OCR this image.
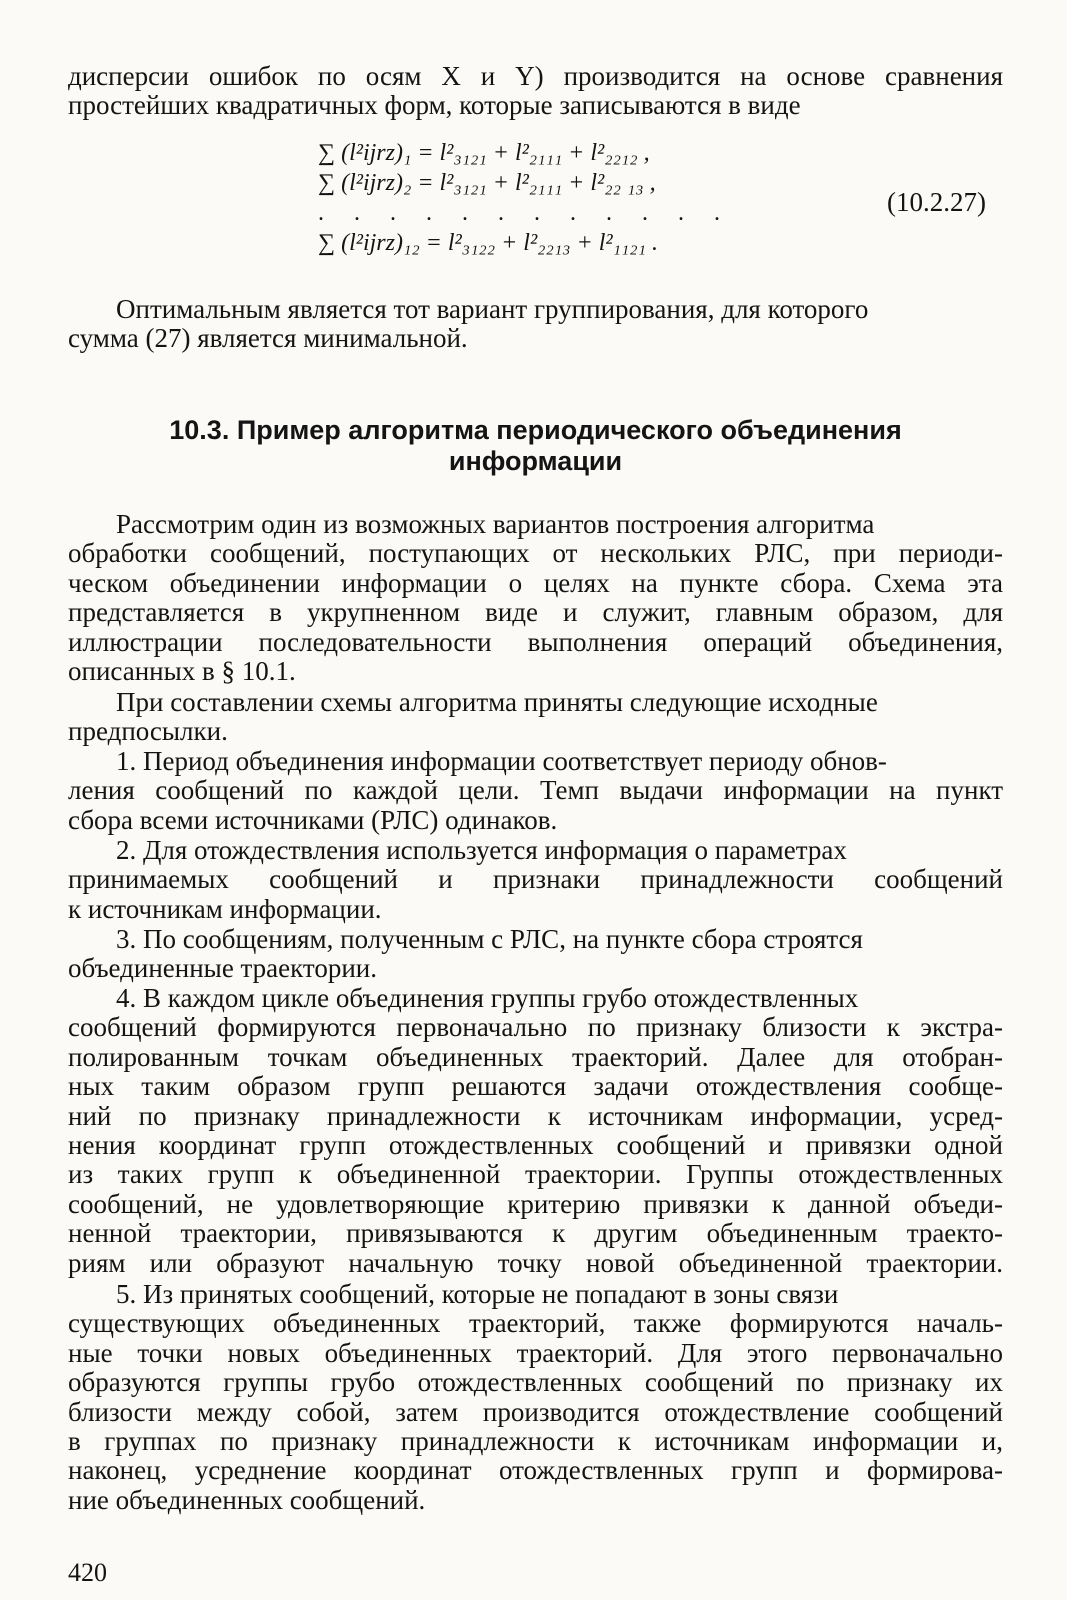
дисперсии ошибок по осям X и Y) производится на основе сравнения
простейших квадратичных форм, которые записываются в виде
∑ (l²ijrz)₁ = l²₃₁₂₁ + l²₂₁₁₁ + l²₂₂₁₂ ,
∑ (l²ijrz)₂ = l²₃₁₂₁ + l²₂₁₁₁ + l²₂₂ ₁₃ ,
. . . . . . . . . . . .
∑ (l²ijrz)₁₂ = l²₃₁₂₂ + l²₂₂₁₃ + l²₁₁₂₁ .
(10.2.27)
Оптимальным является тот вариант группирования, для которого
сумма (27) является минимальной.
10.3. Пример алгоритма периодического объединения
информации
Рассмотрим один из возможных вариантов построения алгоритма
обработки сообщений, поступающих от нескольких РЛС, при периоди-
ческом объединении информации о целях на пункте сбора. Схема эта
представляется в укрупненном виде и служит, главным образом, для
иллюстрации последовательности выполнения операций объединения,
описанных в § 10.1.
При составлении схемы алгоритма приняты следующие исходные
предпосылки.
1. Период объединения информации соответствует периоду обнов-
ления сообщений по каждой цели. Темп выдачи информации на пункт
сбора всеми источниками (РЛС) одинаков.
2. Для отождествления используется информация о параметрах
принимаемых сообщений и признаки принадлежности сообщений
к источникам информации.
3. По сообщениям, полученным с РЛС, на пункте сбора строятся
объединенные траектории.
4. В каждом цикле объединения группы грубо отождествленных
сообщений формируются первоначально по признаку близости к экстра-
полированным точкам объединенных траекторий. Далее для отобран-
ных таким образом групп решаются задачи отождествления сообще-
ний по признаку принадлежности к источникам информации, усред-
нения координат групп отождествленных сообщений и привязки одной
из таких групп к объединенной траектории. Группы отождествленных
сообщений, не удовлетворяющие критерию привязки к данной объеди-
ненной траектории, привязываются к другим объединенным траекто-
риям или образуют начальную точку новой объединенной траектории.
5. Из принятых сообщений, которые не попадают в зоны связи
существующих объединенных траекторий, также формируются началь-
ные точки новых объединенных траекторий. Для этого первоначально
образуются группы грубо отождествленных сообщений по признаку их
близости между собой, затем производится отождествление сообщений
в группах по признаку принадлежности к источникам информации и,
наконец, усреднение координат отождествленных групп и формирова-
ние объединенных сообщений.
420
